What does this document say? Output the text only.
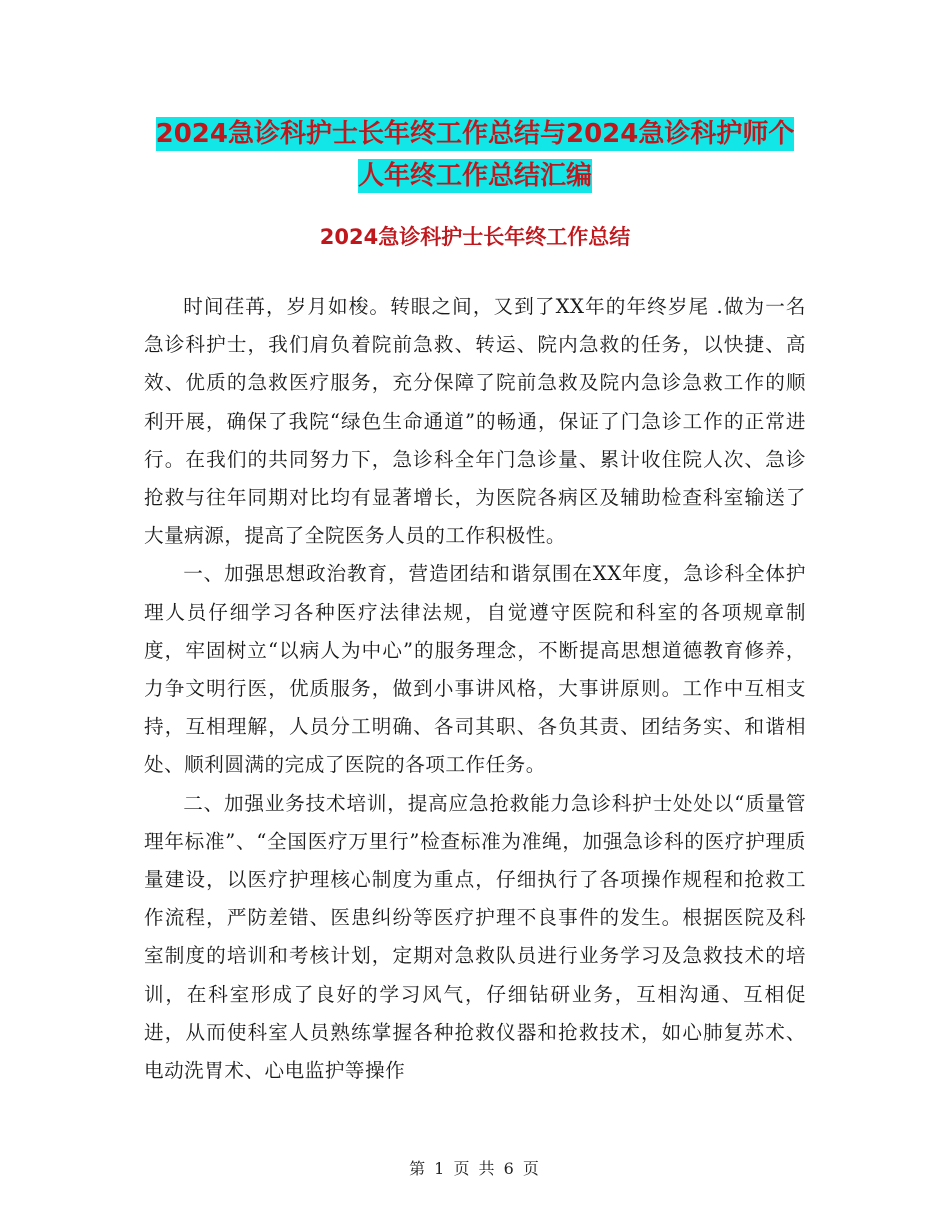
2024急诊科护士长年终工作总结与2024急诊科护师个
人年终工作总结汇编
2024急诊科护士长年终工作总结

时间荏苒，岁月如梭。转眼之间，又到了XX年的年终岁尾 .做为一名急诊科护士，我们肩负着院前急救、转运、院内急救的任务，以快捷、高效、优质的急救医疗服务，充分保障了院前急救及院内急诊急救工作的顺利开展，确保了我院“绿色生命通道”的畅通，保证了门急诊工作的正常进行。在我们的共同努力下，急诊科全年门急诊量、累计收住院人次、急诊抢救与往年同期对比均有显著增长，为医院各病区及辅助检查科室输送了大量病源，提高了全院医务人员的工作积极性。

一、加强思想政治教育，营造团结和谐氛围在XX年度，急诊科全体护理人员仔细学习各种医疗法律法规，自觉遵守医院和科室的各项规章制度，牢固树立“以病人为中心”的服务理念，不断提高思想道德教育修养，力争文明行医，优质服务，做到小事讲风格，大事讲原则。工作中互相支持，互相理解，人员分工明确、各司其职、各负其责、团结务实、和谐相处、顺利圆满的完成了医院的各项工作任务。

二、加强业务技术培训，提高应急抢救能力急诊科护士处处以“质量管理年标准”、“全国医疗万里行”检查标准为准绳，加强急诊科的医疗护理质量建设，以医疗护理核心制度为重点，仔细执行了各项操作规程和抢救工作流程，严防差错、医患纠纷等医疗护理不良事件的发生。根据医院及科室制度的培训和考核计划，定期对急救队员进行业务学习及急救技术的培训，在科室形成了良好的学习风气，仔细钻研业务，互相沟通、互相促进，从而使科室人员熟练掌握各种抢救仪器和抢救技术，如心肺复苏术、电动洗胃术、心电监护等操作

第 1 页 共 6 页
